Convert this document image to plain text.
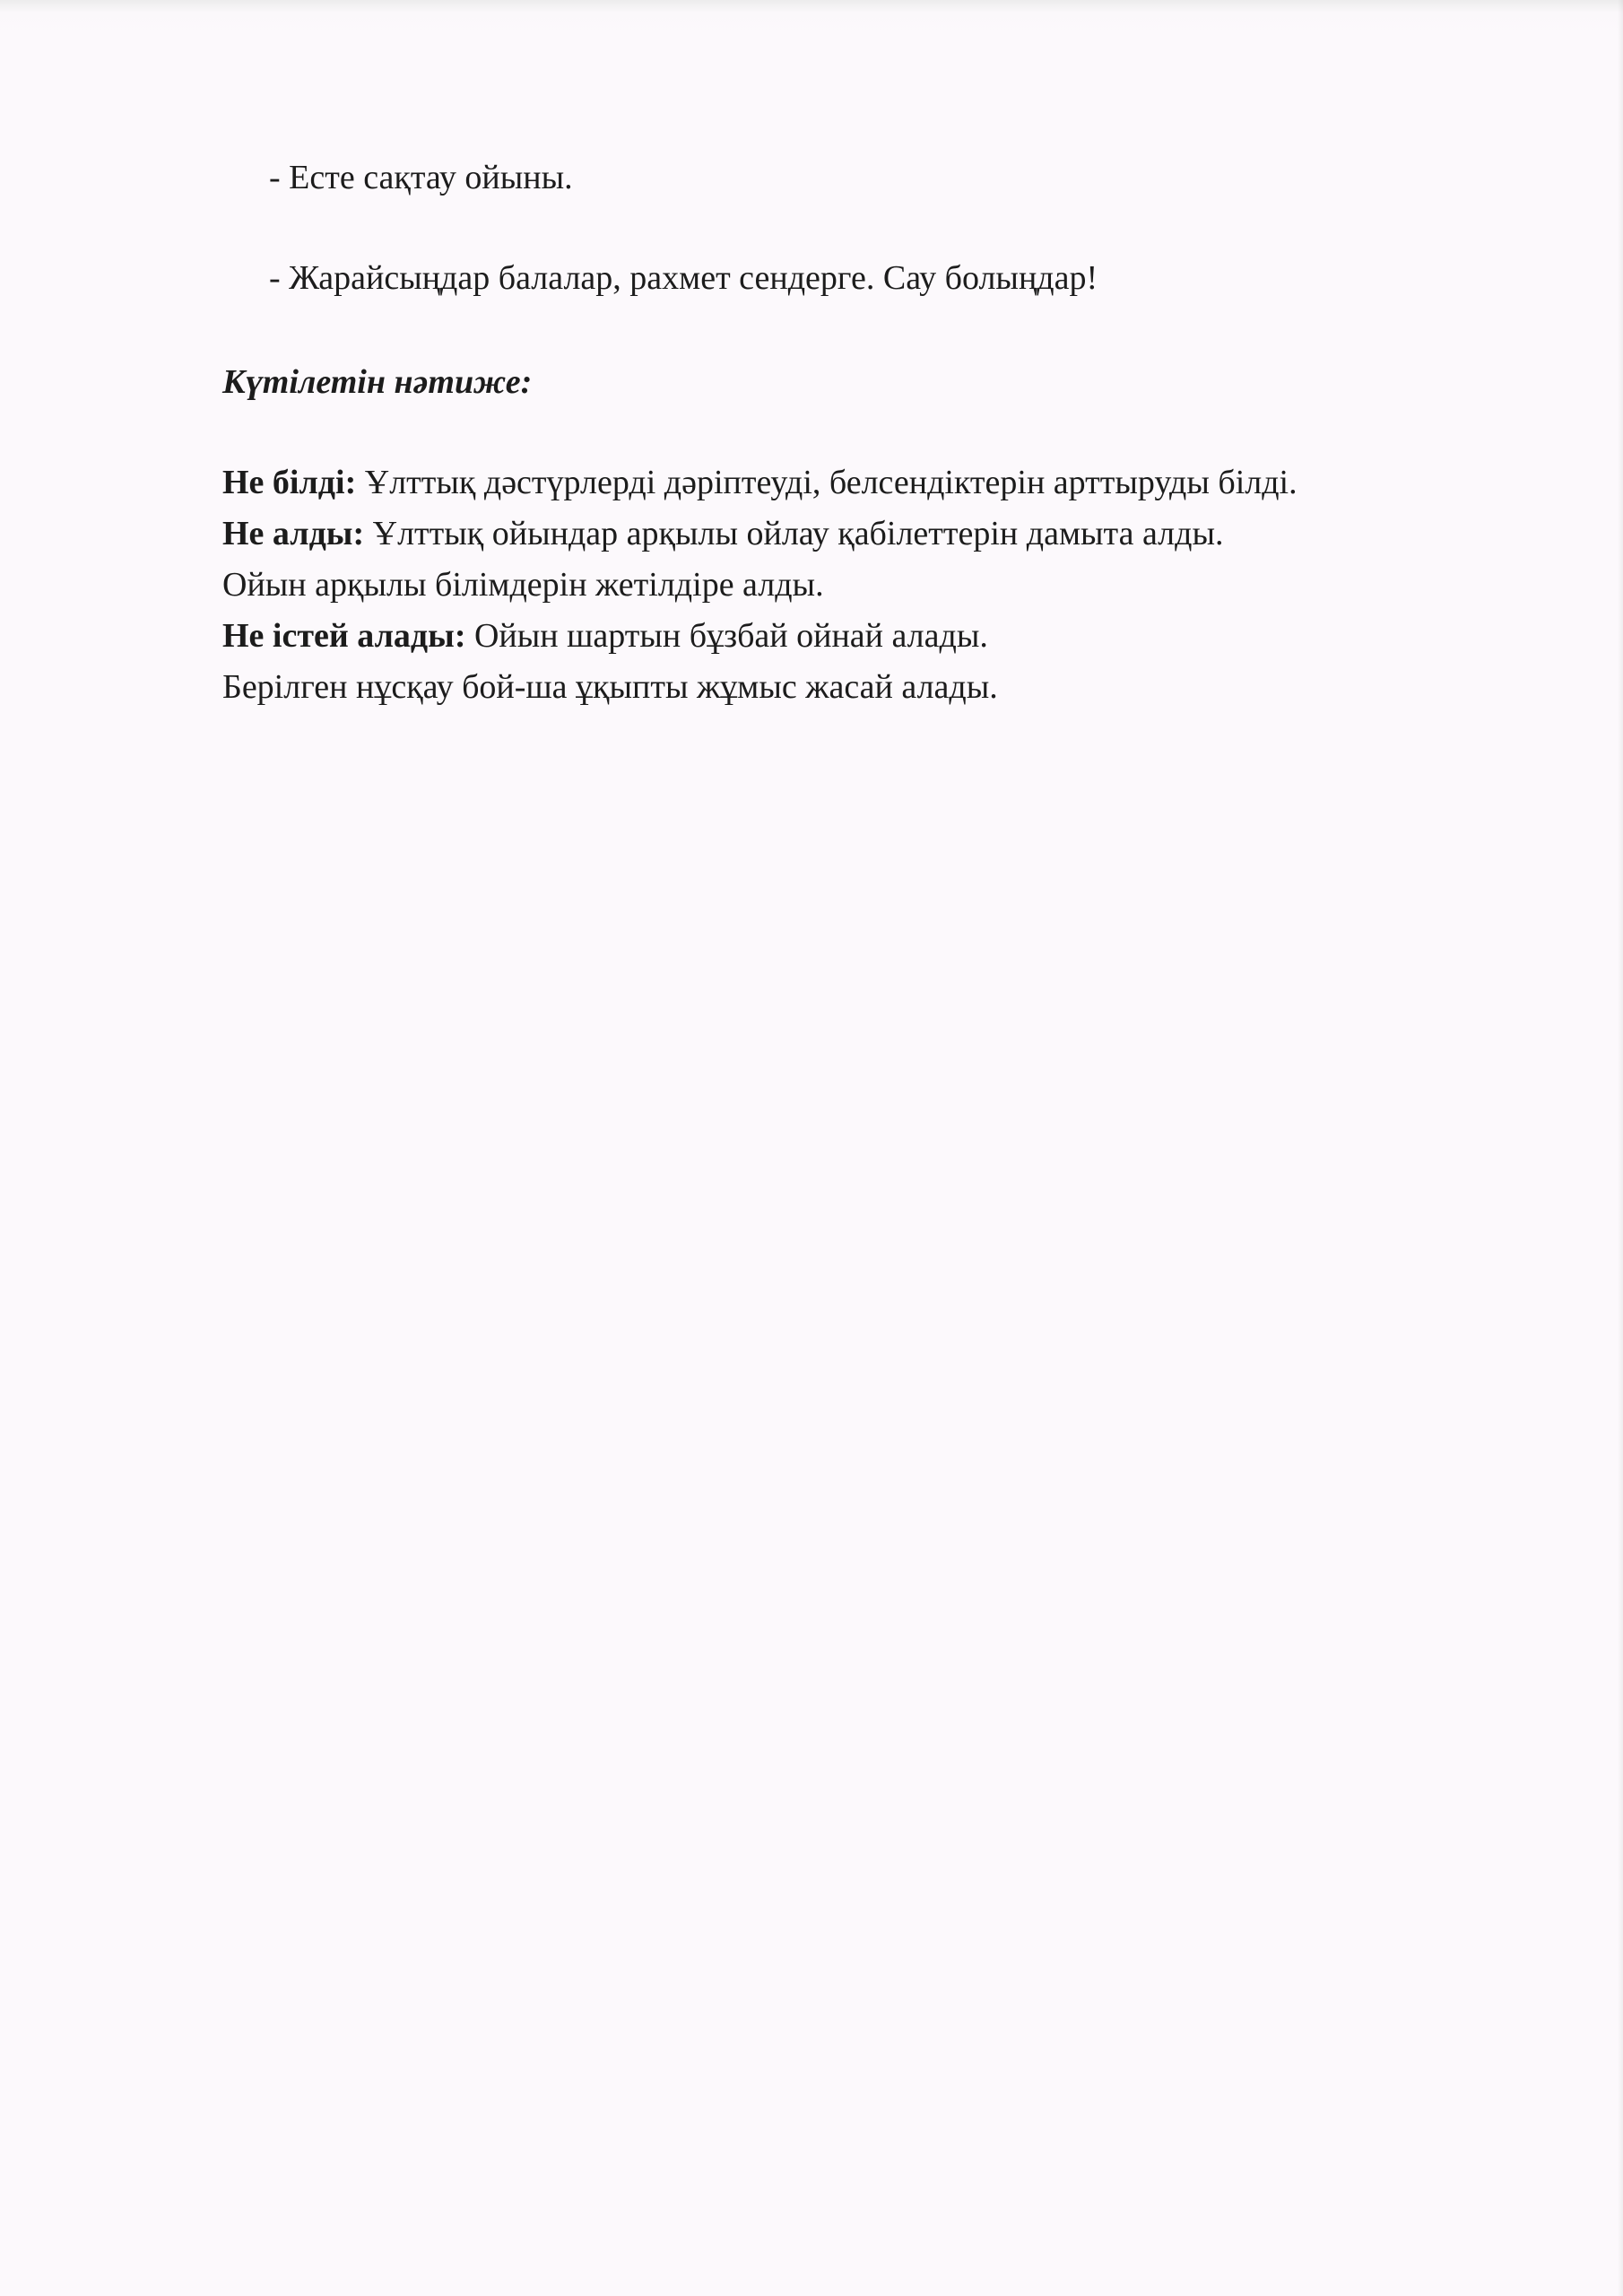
- Есте сақтау ойыны.
- Жарайсыңдар балалар, рахмет сендерге. Сау болыңдар!
Күтілетін нәтиже:
Не білді: Ұлттық дәстүрлерді дәріптеуді, белсендіктерін арттыруды білді.
Не алды: Ұлттық ойындар арқылы ойлау қабілеттерін дамыта алды.
Ойын арқылы білімдерін жетілдіре алды.
Не істей алады: Ойын шартын бұзбай ойнай алады.
Берілген нұсқау бой-ша ұқыпты жұмыс жасай алады.
